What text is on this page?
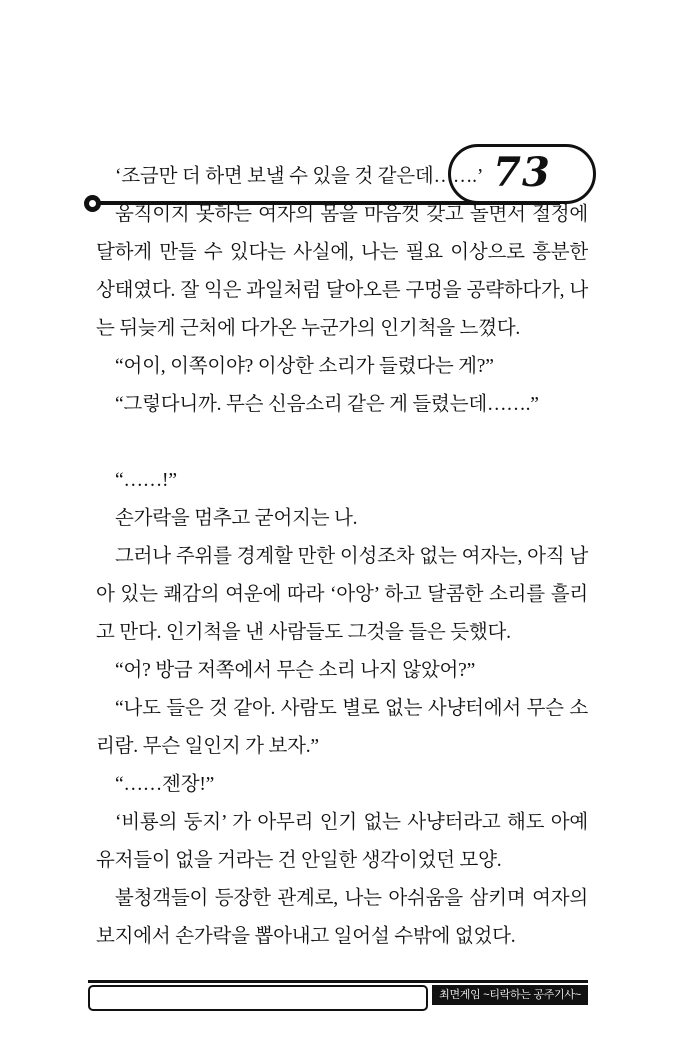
73

‘조금만 더 하면 보낼 수 있을 것 같은데…….’

움직이지 못하는 여자의 몸을 마음껏 갖고 놀면서 절정에 달하게 만들 수 있다는 사실에, 나는 필요 이상으로 흥분한 상태였다. 잘 익은 과일처럼 달아오른 구멍을 공략하다가, 나는 뒤늦게 근처에 다가온 누군가의 인기척을 느꼈다.

“어이, 이쪽이야? 이상한 소리가 들렸다는 게?”

“그렇다니까. 무슨 신음소리 같은 게 들렸는데…….”

“……!”

손가락을 멈추고 굳어지는 나.

그러나 주위를 경계할 만한 이성조차 없는 여자는, 아직 남아 있는 쾌감의 여운에 따라 ‘아앙’ 하고 달콤한 소리를 흘리고 만다. 인기척을 낸 사람들도 그것을 들은 듯했다.

“어? 방금 저쪽에서 무슨 소리 나지 않았어?”

“나도 들은 것 같아. 사람도 별로 없는 사냥터에서 무슨 소리람. 무슨 일인지 가 보자.”

“……젠장!”

‘비룡의 둥지’ 가 아무리 인기 없는 사냥터라고 해도 아예 유저들이 없을 거라는 건 안일한 생각이었던 모양.

불청객들이 등장한 관계로, 나는 아쉬움을 삼키며 여자의 보지에서 손가락을 뽑아내고 일어설 수밖에 없었다.

최면게임 ~티락하는 공주기사~
